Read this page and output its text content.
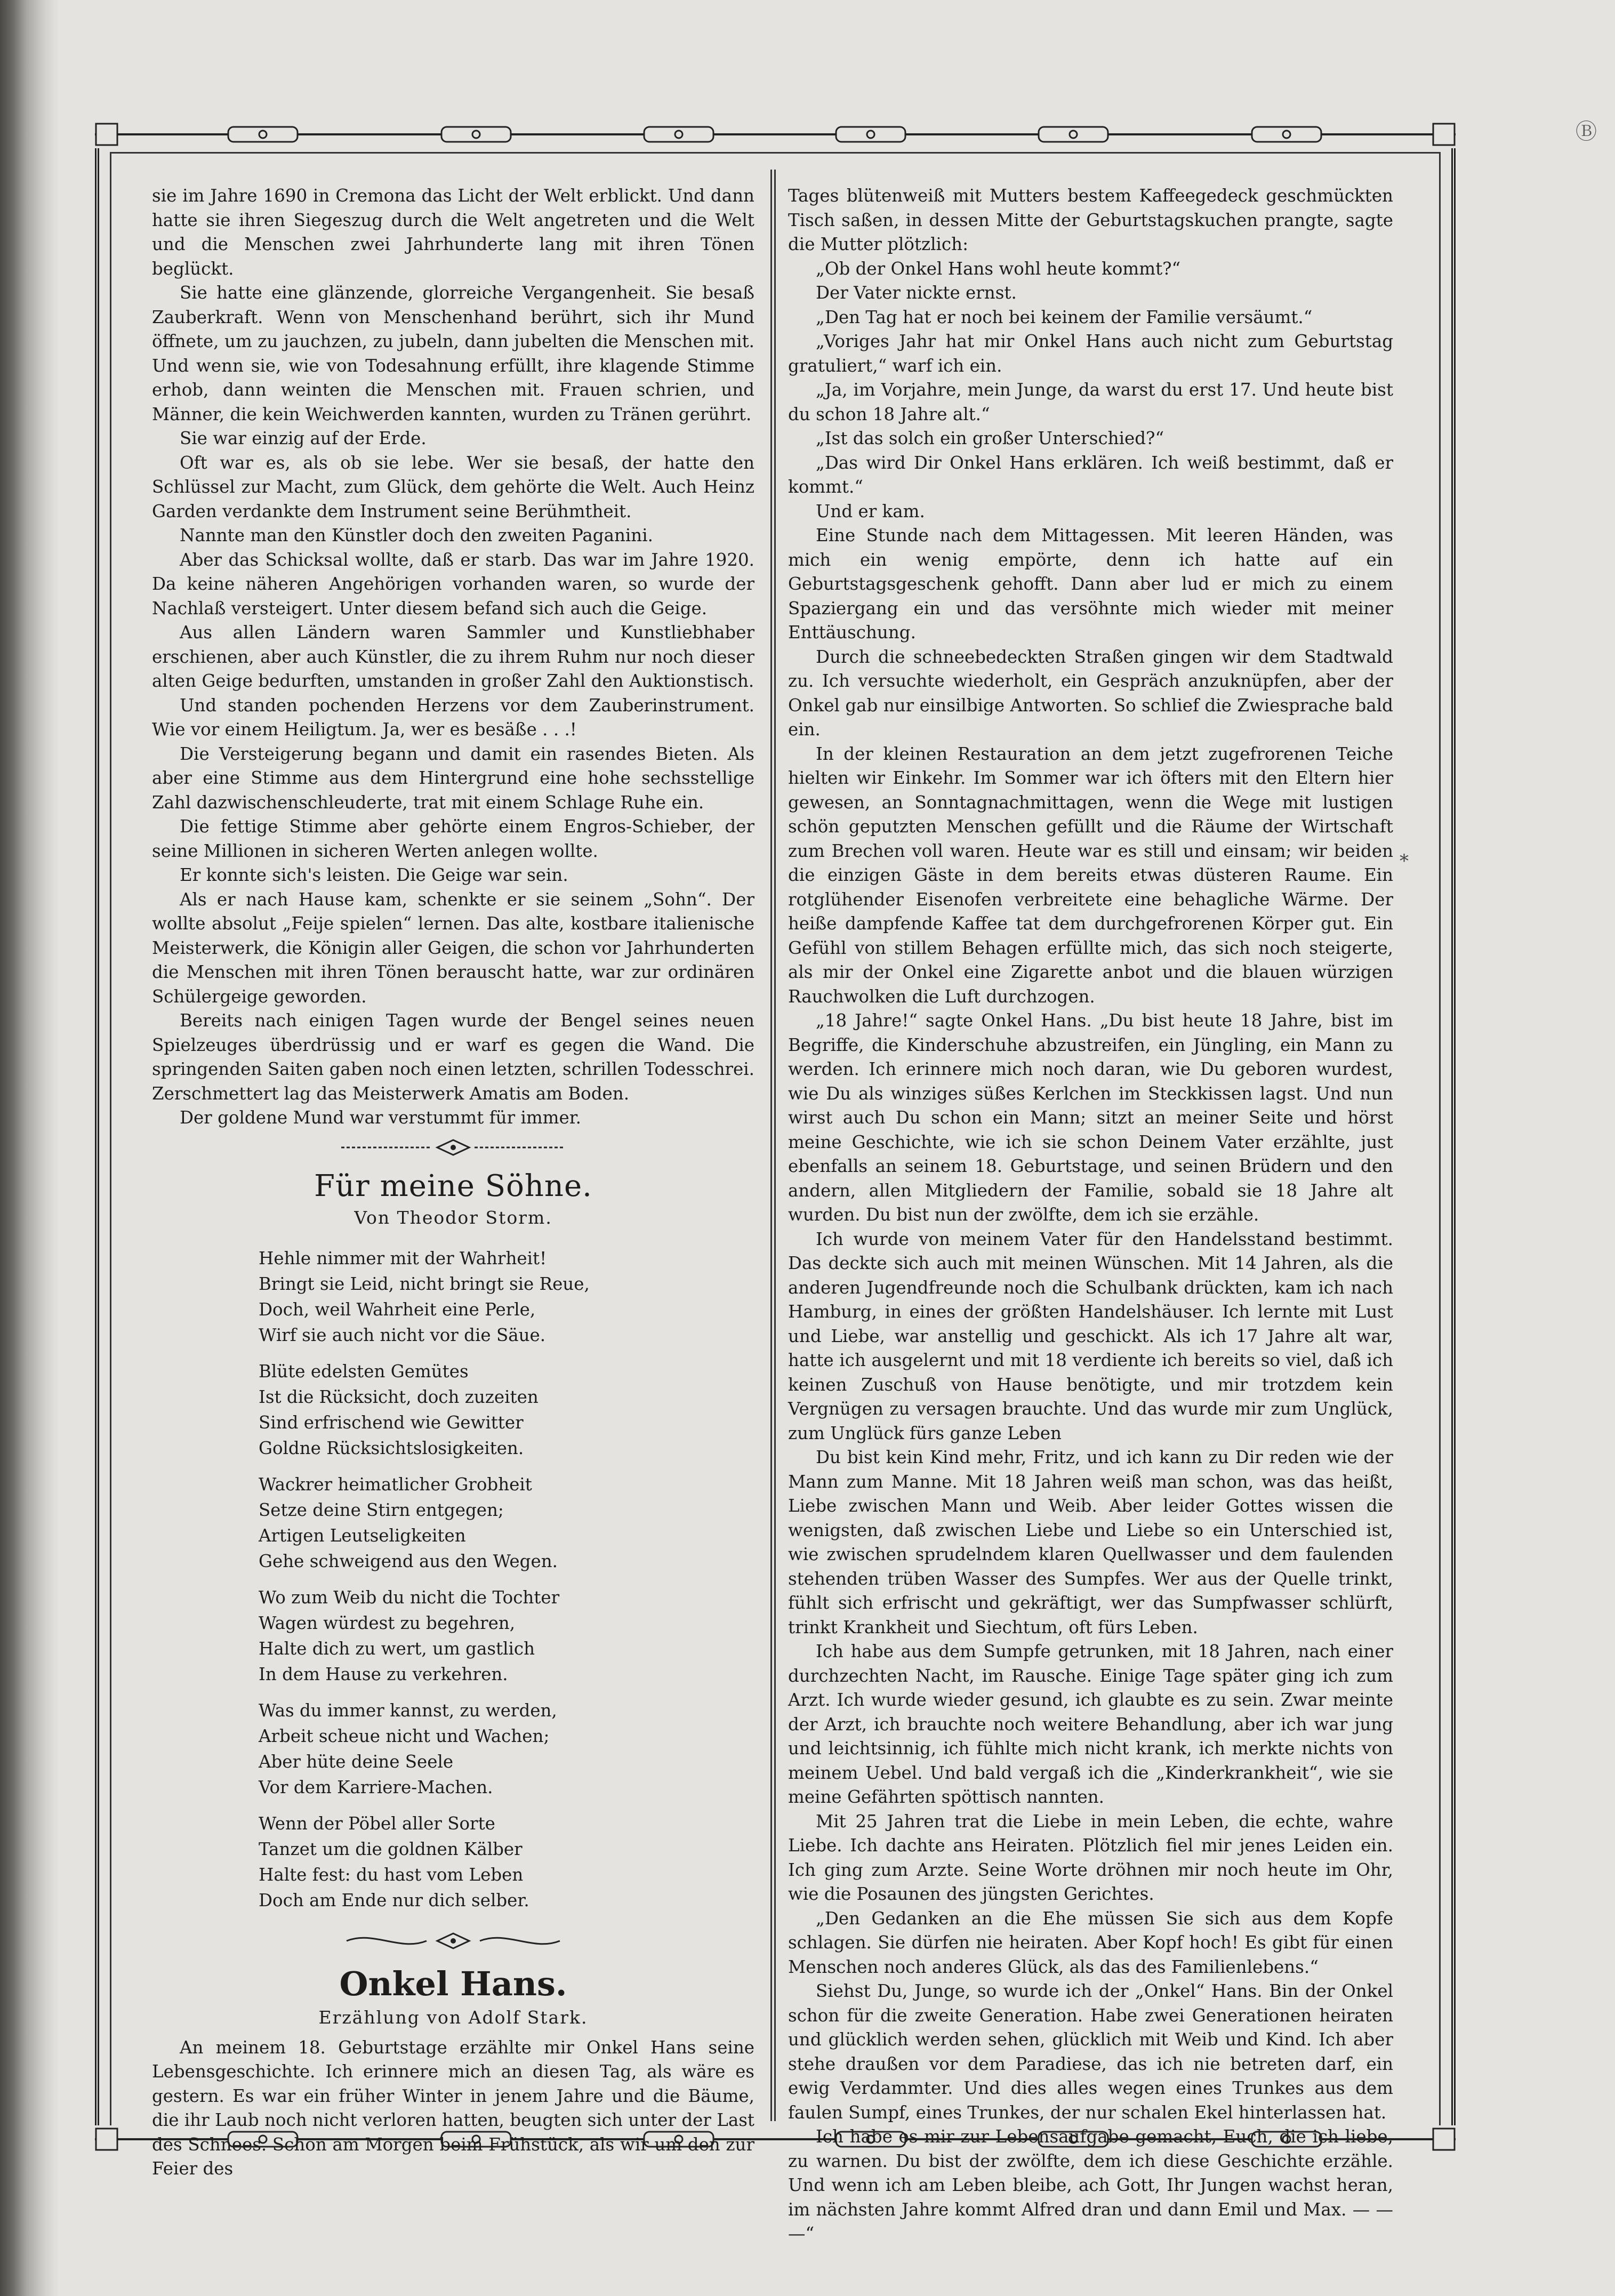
Ⓑ
*

sie im Jahre 1690 in Cremona das Licht der Welt erblickt. Und dann hatte sie ihren Siegeszug durch die Welt angetreten und die Welt und die Menschen zwei Jahrhunderte lang mit ihren Tönen beglückt.

Sie hatte eine glänzende, glorreiche Vergangenheit. Sie besaß Zauberkraft. Wenn von Menschenhand berührt, sich ihr Mund öffnete, um zu jauchzen, zu jubeln, dann jubelten die Menschen mit. Und wenn sie, wie von Todesahnung erfüllt, ihre klagende Stimme erhob, dann weinten die Menschen mit. Frauen schrien, und Männer, die kein Weichwerden kannten, wurden zu Tränen gerührt.

Sie war einzig auf der Erde.

Oft war es, als ob sie lebe. Wer sie besaß, der hatte den Schlüssel zur Macht, zum Glück, dem gehörte die Welt. Auch Heinz Garden verdankte dem Instrument seine Berühmtheit.

Nannte man den Künstler doch den zweiten Paganini.

Aber das Schicksal wollte, daß er starb. Das war im Jahre 1920. Da keine näheren Angehörigen vorhanden waren, so wurde der Nachlaß versteigert. Unter diesem befand sich auch die Geige.

Aus allen Ländern waren Sammler und Kunstliebhaber erschienen, aber auch Künstler, die zu ihrem Ruhm nur noch dieser alten Geige bedurften, umstanden in großer Zahl den Auktionstisch.

Und standen pochenden Herzens vor dem Zauberinstrument. Wie vor einem Heiligtum. Ja, wer es besäße . . .!

Die Versteigerung begann und damit ein rasendes Bieten. Als aber eine Stimme aus dem Hintergrund eine hohe sechsstellige Zahl dazwischenschleuderte, trat mit einem Schlage Ruhe ein.

Die fettige Stimme aber gehörte einem Engros-Schieber, der seine Millionen in sicheren Werten anlegen wollte.

Er konnte sich's leisten. Die Geige war sein.

Als er nach Hause kam, schenkte er sie seinem „Sohn“. Der wollte absolut „Feije spielen“ lernen. Das alte, kostbare italienische Meisterwerk, die Königin aller Geigen, die schon vor Jahrhunderten die Menschen mit ihren Tönen berauscht hatte, war zur ordinären Schülergeige geworden.

Bereits nach einigen Tagen wurde der Bengel seines neuen Spielzeuges überdrüssig und er warf es gegen die Wand. Die springenden Saiten gaben noch einen letzten, schrillen Todesschrei. Zerschmettert lag das Meisterwerk Amatis am Boden.

Der goldene Mund war verstummt für immer.

Für meine Söhne.
Von Theodor Storm.
Hehle nimmer mit der Wahrheit!
Bringt sie Leid, nicht bringt sie Reue,
Doch, weil Wahrheit eine Perle,
Wirf sie auch nicht vor die Säue.
Blüte edelsten Gemütes
Ist die Rücksicht, doch zuzeiten
Sind erfrischend wie Gewitter
Goldne Rücksichtslosigkeiten.
Wackrer heimatlicher Grobheit
Setze deine Stirn entgegen;
Artigen Leutseligkeiten
Gehe schweigend aus den Wegen.
Wo zum Weib du nicht die Tochter
Wagen würdest zu begehren,
Halte dich zu wert, um gastlich
In dem Hause zu verkehren.
Was du immer kannst, zu werden,
Arbeit scheue nicht und Wachen;
Aber hüte deine Seele
Vor dem Karriere-Machen.
Wenn der Pöbel aller Sorte
Tanzet um die goldnen Kälber
Halte fest: du hast vom Leben
Doch am Ende nur dich selber.
Onkel Hans.
Erzählung von Adolf Stark.

An meinem 18. Geburtstage erzählte mir Onkel Hans seine Lebensgeschichte. Ich erinnere mich an diesen Tag, als wäre es gestern. Es war ein früher Winter in jenem Jahre und die Bäume, die ihr Laub noch nicht verloren hatten, beugten sich unter der Last des Schnees. Schon am Morgen beim Frühstück, als wir um den zur Feier des

Tages blütenweiß mit Mutters bestem Kaffeegedeck geschmückten Tisch saßen, in dessen Mitte der Geburtstagskuchen prangte, sagte die Mutter plötzlich:

„Ob der Onkel Hans wohl heute kommt?“

Der Vater nickte ernst.

„Den Tag hat er noch bei keinem der Familie versäumt.“

„Voriges Jahr hat mir Onkel Hans auch nicht zum Geburtstag gratuliert,“ warf ich ein.

„Ja, im Vorjahre, mein Junge, da warst du erst 17. Und heute bist du schon 18 Jahre alt.“

„Ist das solch ein großer Unterschied?“

„Das wird Dir Onkel Hans erklären. Ich weiß bestimmt, daß er kommt.“

Und er kam.

Eine Stunde nach dem Mittagessen. Mit leeren Händen, was mich ein wenig empörte, denn ich hatte auf ein Geburtstagsgeschenk gehofft. Dann aber lud er mich zu einem Spaziergang ein und das versöhnte mich wieder mit meiner Enttäuschung.

Durch die schneebedeckten Straßen gingen wir dem Stadtwald zu. Ich versuchte wiederholt, ein Gespräch anzuknüpfen, aber der Onkel gab nur einsilbige Antworten. So schlief die Zwiesprache bald ein.

In der kleinen Restauration an dem jetzt zugefrorenen Teiche hielten wir Einkehr. Im Sommer war ich öfters mit den Eltern hier gewesen, an Sonntagnachmittagen, wenn die Wege mit lustigen schön geputzten Menschen gefüllt und die Räume der Wirtschaft zum Brechen voll waren. Heute war es still und einsam; wir beiden die einzigen Gäste in dem bereits etwas düsteren Raume. Ein rotglühender Eisenofen verbreitete eine behagliche Wärme. Der heiße dampfende Kaffee tat dem durchgefrorenen Körper gut. Ein Gefühl von stillem Behagen erfüllte mich, das sich noch steigerte, als mir der Onkel eine Zigarette anbot und die blauen würzigen Rauchwolken die Luft durchzogen.

„18 Jahre!“ sagte Onkel Hans. „Du bist heute 18 Jahre, bist im Begriffe, die Kinderschuhe abzustreifen, ein Jüngling, ein Mann zu werden. Ich erinnere mich noch daran, wie Du geboren wurdest, wie Du als winziges süßes Kerlchen im Steckkissen lagst. Und nun wirst auch Du schon ein Mann; sitzt an meiner Seite und hörst meine Geschichte, wie ich sie schon Deinem Vater erzählte, just ebenfalls an seinem 18. Geburtstage, und seinen Brüdern und den andern, allen Mitgliedern der Familie, sobald sie 18 Jahre alt wurden. Du bist nun der zwölfte, dem ich sie erzähle.

Ich wurde von meinem Vater für den Handelsstand bestimmt. Das deckte sich auch mit meinen Wünschen. Mit 14 Jahren, als die anderen Jugendfreunde noch die Schulbank drückten, kam ich nach Hamburg, in eines der größten Handelshäuser. Ich lernte mit Lust und Liebe, war anstellig und geschickt. Als ich 17 Jahre alt war, hatte ich ausgelernt und mit 18 verdiente ich bereits so viel, daß ich keinen Zuschuß von Hause benötigte, und mir trotzdem kein Vergnügen zu versagen brauchte. Und das wurde mir zum Unglück, zum Unglück fürs ganze Leben

Du bist kein Kind mehr, Fritz, und ich kann zu Dir reden wie der Mann zum Manne. Mit 18 Jahren weiß man schon, was das heißt, Liebe zwischen Mann und Weib. Aber leider Gottes wissen die wenigsten, daß zwischen Liebe und Liebe so ein Unterschied ist, wie zwischen sprudelndem klaren Quellwasser und dem faulenden stehenden trüben Wasser des Sumpfes. Wer aus der Quelle trinkt, fühlt sich erfrischt und gekräftigt, wer das Sumpfwasser schlürft, trinkt Krankheit und Siechtum, oft fürs Leben.

Ich habe aus dem Sumpfe getrunken, mit 18 Jahren, nach einer durchzechten Nacht, im Rausche. Einige Tage später ging ich zum Arzt. Ich wurde wieder gesund, ich glaubte es zu sein. Zwar meinte der Arzt, ich brauchte noch weitere Behandlung, aber ich war jung und leichtsinnig, ich fühlte mich nicht krank, ich merkte nichts von meinem Uebel. Und bald vergaß ich die „Kinderkrankheit“, wie sie meine Gefährten spöttisch nannten.

Mit 25 Jahren trat die Liebe in mein Leben, die echte, wahre Liebe. Ich dachte ans Heiraten. Plötzlich fiel mir jenes Leiden ein. Ich ging zum Arzte. Seine Worte dröhnen mir noch heute im Ohr, wie die Posaunen des jüngsten Gerichtes.

„Den Gedanken an die Ehe müssen Sie sich aus dem Kopfe schlagen. Sie dürfen nie heiraten. Aber Kopf hoch! Es gibt für einen Menschen noch anderes Glück, als das des Familienlebens.“

Siehst Du, Junge, so wurde ich der „Onkel“ Hans. Bin der Onkel schon für die zweite Generation. Habe zwei Generationen heiraten und glücklich werden sehen, glücklich mit Weib und Kind. Ich aber stehe draußen vor dem Paradiese, das ich nie betreten darf, ein ewig Verdammter. Und dies alles wegen eines Trunkes aus dem faulen Sumpf, eines Trunkes, der nur schalen Ekel hinterlassen hat.

Ich habe es mir zur Lebensaufgabe gemacht, Euch, die ich liebe, zu warnen. Du bist der zwölfte, dem ich diese Geschichte erzähle. Und wenn ich am Leben bleibe, ach Gott, Ihr Jungen wachst heran, im nächsten Jahre kommt Alfred dran und dann Emil und Max. — — —“
